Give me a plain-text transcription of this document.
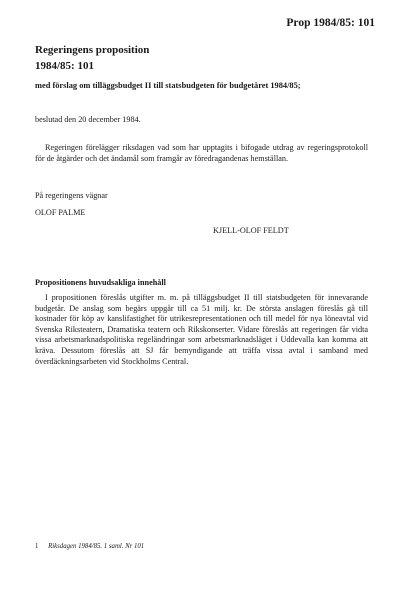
Prop 1984/85: 101
Regeringens proposition
1984/85: 101
med förslag om tilläggsbudget II till statsbudgeten för budgetåret 1984/85;
beslutad den 20 december 1984.
Regeringen förelägger riksdagen vad som har upptagits i bifogade utdrag av regeringsprotokoll för de åtgärder och det ändamål som framgår av föredragandenas hemställan.
På regeringens vägnar
OLOF PALME
KJELL-OLOF FELDT
Propositionens huvudsakliga innehåll
I propositionen föreslås utgifter m. m. på tilläggsbudget II till statsbudgeten för innevarande budgetår. De anslag som begärs uppgår till ca 51 milj. kr. De största anslagen föreslås gå till kostnader för köp av kanslifastighet för utrikesrepresentationen och till medel för nya löneavtal vid Svenska Riksteatern, Dramatiska teatern och Rikskonserter. Vidare föreslås att regeringen får vidta vissa arbetsmarknadspolitiska regeländringar som arbetsmarknadsläget i Uddevalla kan komma att kräva. Dessutom föreslås att SJ får bemyndigande att träffa vissa avtal i samband med överdäckningsarbeten vid Stockholms Central.
1 Riksdagen 1984/85. 1 saml. Nr 101
